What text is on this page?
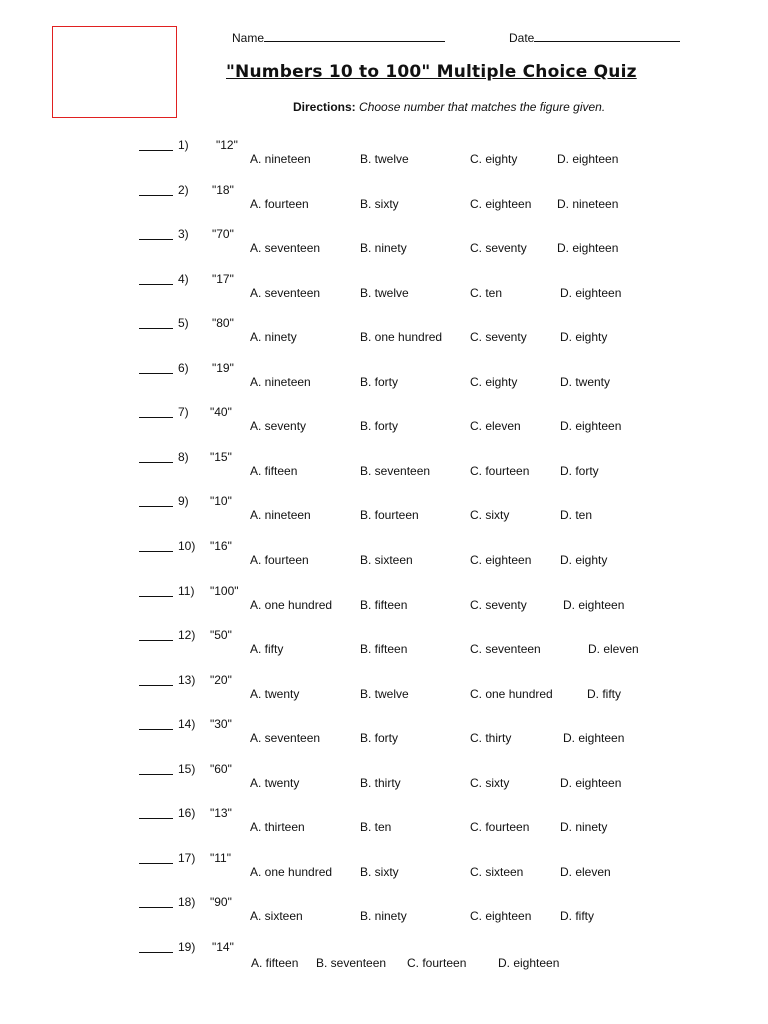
Name	Date
"Numbers 10 to 100" Multiple Choice Quiz
Directions: Choose number that matches the figure given.
1) "12"
A. nineteen	B. twelve	C. eighty	D. eighteen
2) "18"
A. fourteen	B. sixty	C. eighteen D. nineteen
3) "70"
A. seventeen	B. ninety	C. seventy	D. eighteen
4) "17"
A. seventeen	B. twelve	C. ten	D. eighteen
5) "80"
A. ninety	B. one hundred C. seventy	D. eighty
6) "19"
A. nineteen	B. forty	C. eighty	D. twenty
7) "40"
A. seventy	B. forty	C. eleven	D. eighteen
8) "15"
A. fifteen	B. seventeen	C. fourteen	D. forty
9) "10"
A. nineteen	B. fourteen	C. sixty	D. ten
10) "16"
A. fourteen	B. sixteen	C. eighteen D. eighty
11) "100"
A. one hundred B. fifteen	C. seventy	D. eighteen
12) "50"
A. fifty	B. fifteen	C. seventeen	D. eleven
13) "20"
A. twenty	B. twelve	C. one hundred	D. fifty
14) "30"
A. seventeen	B. forty	C. thirty	D. eighteen
15) "60"
A. twenty	B. thirty	C. sixty	D. eighteen
16) "13"
A. thirteen	B. ten	C. fourteen	D. ninety
17) "11"
A. one hundred B. sixty	C. sixteen	D. eleven
18) "90"
A. sixteen	B. ninety	C. eighteen D. fifty
19) "14"
A. fifteen B. seventeen C. fourteen	D. eighteen
